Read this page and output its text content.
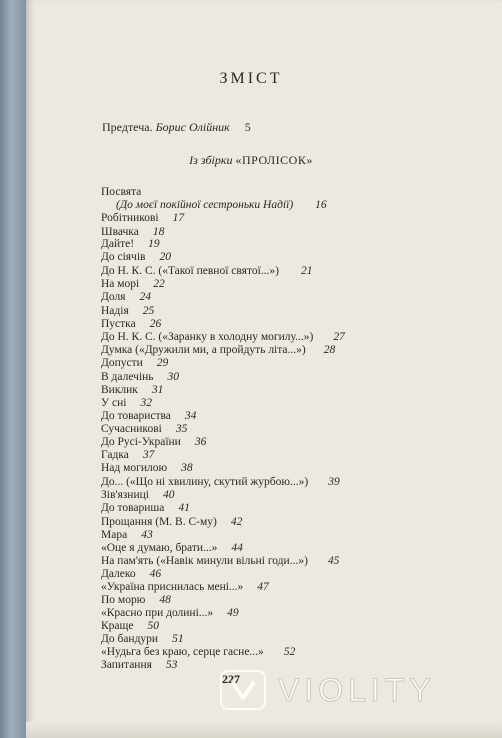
ЗМІСТ
Предтеча. Борис Олійник 5
Із збірки «ПРОЛІСОК»
Посвята
(До моєї покійної сестроньки Надії) 16
Робітникові 17
Швачка 18
Дайте! 19
До сіячів 20
До Н. К. С. («Такої певної святої...») 21
На морі 22
Доля 24
Надія 25
Пустка 26
До Н. К. С. («Заранку в холодну могилу...») 27
Думка («Дружили ми, а пройдуть літа...») 28
Допусти 29
В далечінь 30
Виклик 31
У сні 32
До товариства 34
Сучасникові 35
До Русі-України 36
Гадка 37
Над могилою 38
До... («Що ні хвилину, скутий журбою...») 39
Зів'язниці 40
До товариша 41
Прощання (М. В. С-му) 42
Мара 43
«Оце я думаю, брати...» 44
На пам'ять («Навік минули вільні годи...») 45
Далеко 46
«Україна приснилась мені...» 47
По морю 48
«Красно при долині...» 49
Краще 50
До бандури 51
«Нудьга без краю, серце гасне...» 52
Запитання 53
227 VIOLITY
